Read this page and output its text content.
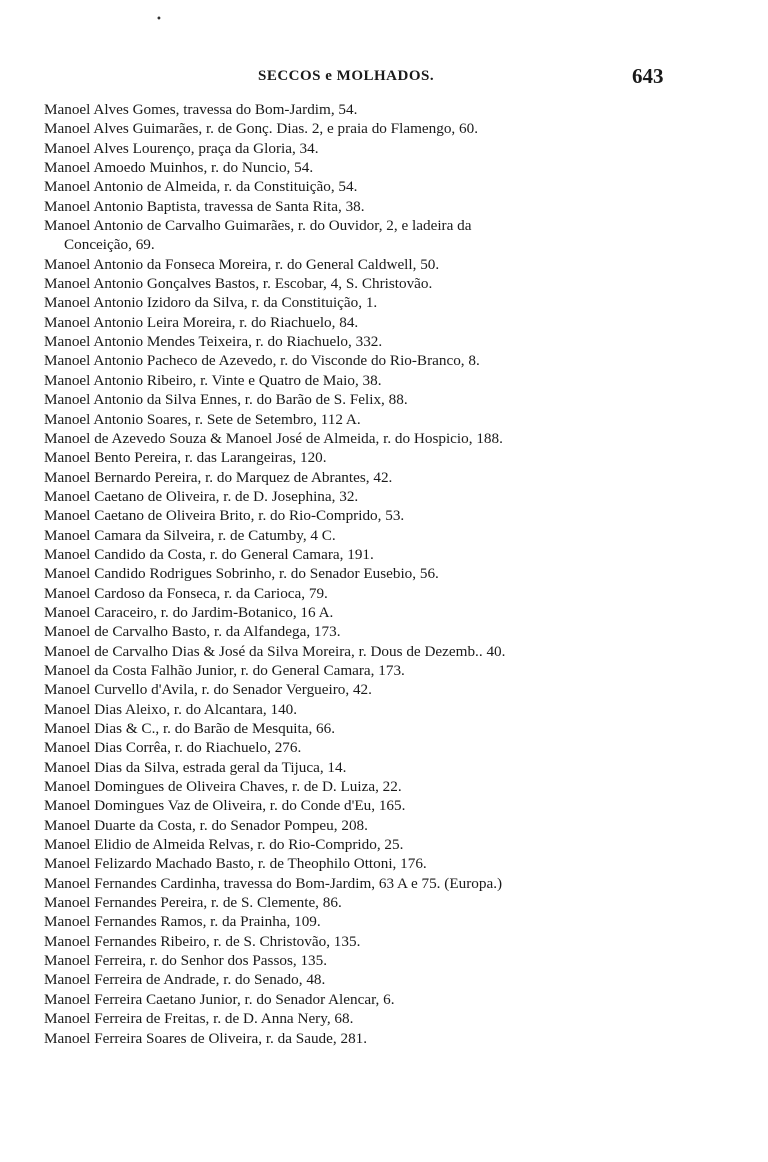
•
SECCOS e MOLHADOS.	643
Manoel Alves Gomes, travessa do Bom-Jardim, 54.
Manoel Alves Guimarães, r. de Gonç. Dias. 2, e praia do Flamengo, 60.
Manoel Alves Lourenço, praça da Gloria, 34.
Manoel Amoedo Muinhos, r. do Nuncio, 54.
Manoel Antonio de Almeida, r. da Constituição, 54.
Manoel Antonio Baptista, travessa de Santa Rita, 38.
Manoel Antonio de Carvalho Guimarães, r. do Ouvidor, 2, e ladeira da
Conceição, 69.
Manoel Antonio da Fonseca Moreira, r. do General Caldwell, 50.
Manoel Antonio Gonçalves Bastos, r. Escobar, 4, S. Christovão.
Manoel Antonio Izidoro da Silva, r. da Constituição, 1.
Manoel Antonio Leira Moreira, r. do Riachuelo, 84.
Manoel Antonio Mendes Teixeira, r. do Riachuelo, 332.
Manoel Antonio Pacheco de Azevedo, r. do Visconde do Rio-Branco, 8.
Manoel Antonio Ribeiro, r. Vinte e Quatro de Maio, 38.
Manoel Antonio da Silva Ennes, r. do Barão de S. Felix, 88.
Manoel Antonio Soares, r. Sete de Setembro, 112 A.
Manoel de Azevedo Souza & Manoel José de Almeida, r. do Hospicio, 188.
Manoel Bento Pereira, r. das Larangeiras, 120.
Manoel Bernardo Pereira, r. do Marquez de Abrantes, 42.
Manoel Caetano de Oliveira, r. de D. Josephina, 32.
Manoel Caetano de Oliveira Brito, r. do Rio-Comprido, 53.
Manoel Camara da Silveira, r. de Catumby, 4 C.
Manoel Candido da Costa, r. do General Camara, 191.
Manoel Candido Rodrigues Sobrinho, r. do Senador Eusebio, 56.
Manoel Cardoso da Fonseca, r. da Carioca, 79.
Manoel Caraceiro, r. do Jardim-Botanico, 16 A.
Manoel de Carvalho Basto, r. da Alfandega, 173.
Manoel de Carvalho Dias & José da Silva Moreira, r. Dous de Dezemb.. 40.
Manoel da Costa Falhão Junior, r. do General Camara, 173.
Manoel Curvello d'Avila, r. do Senador Vergueiro, 42.
Manoel Dias Aleixo, r. do Alcantara, 140.
Manoel Dias & C., r. do Barão de Mesquita, 66.
Manoel Dias Corrêa, r. do Riachuelo, 276.
Manoel Dias da Silva, estrada geral da Tijuca, 14.
Manoel Domingues de Oliveira Chaves, r. de D. Luiza, 22.
Manoel Domingues Vaz de Oliveira, r. do Conde d'Eu, 165.
Manoel Duarte da Costa, r. do Senador Pompeu, 208.
Manoel Elidio de Almeida Relvas, r. do Rio-Comprido, 25.
Manoel Felizardo Machado Basto, r. de Theophilo Ottoni, 176.
Manoel Fernandes Cardinha, travessa do Bom-Jardim, 63 A e 75. (Europa.)
Manoel Fernandes Pereira, r. de S. Clemente, 86.
Manoel Fernandes Ramos, r. da Prainha, 109.
Manoel Fernandes Ribeiro, r. de S. Christovão, 135.
Manoel Ferreira, r. do Senhor dos Passos, 135.
Manoel Ferreira de Andrade, r. do Senado, 48.
Manoel Ferreira Caetano Junior, r. do Senador Alencar, 6.
Manoel Ferreira de Freitas, r. de D. Anna Nery, 68.
Manoel Ferreira Soares de Oliveira, r. da Saude, 281.
